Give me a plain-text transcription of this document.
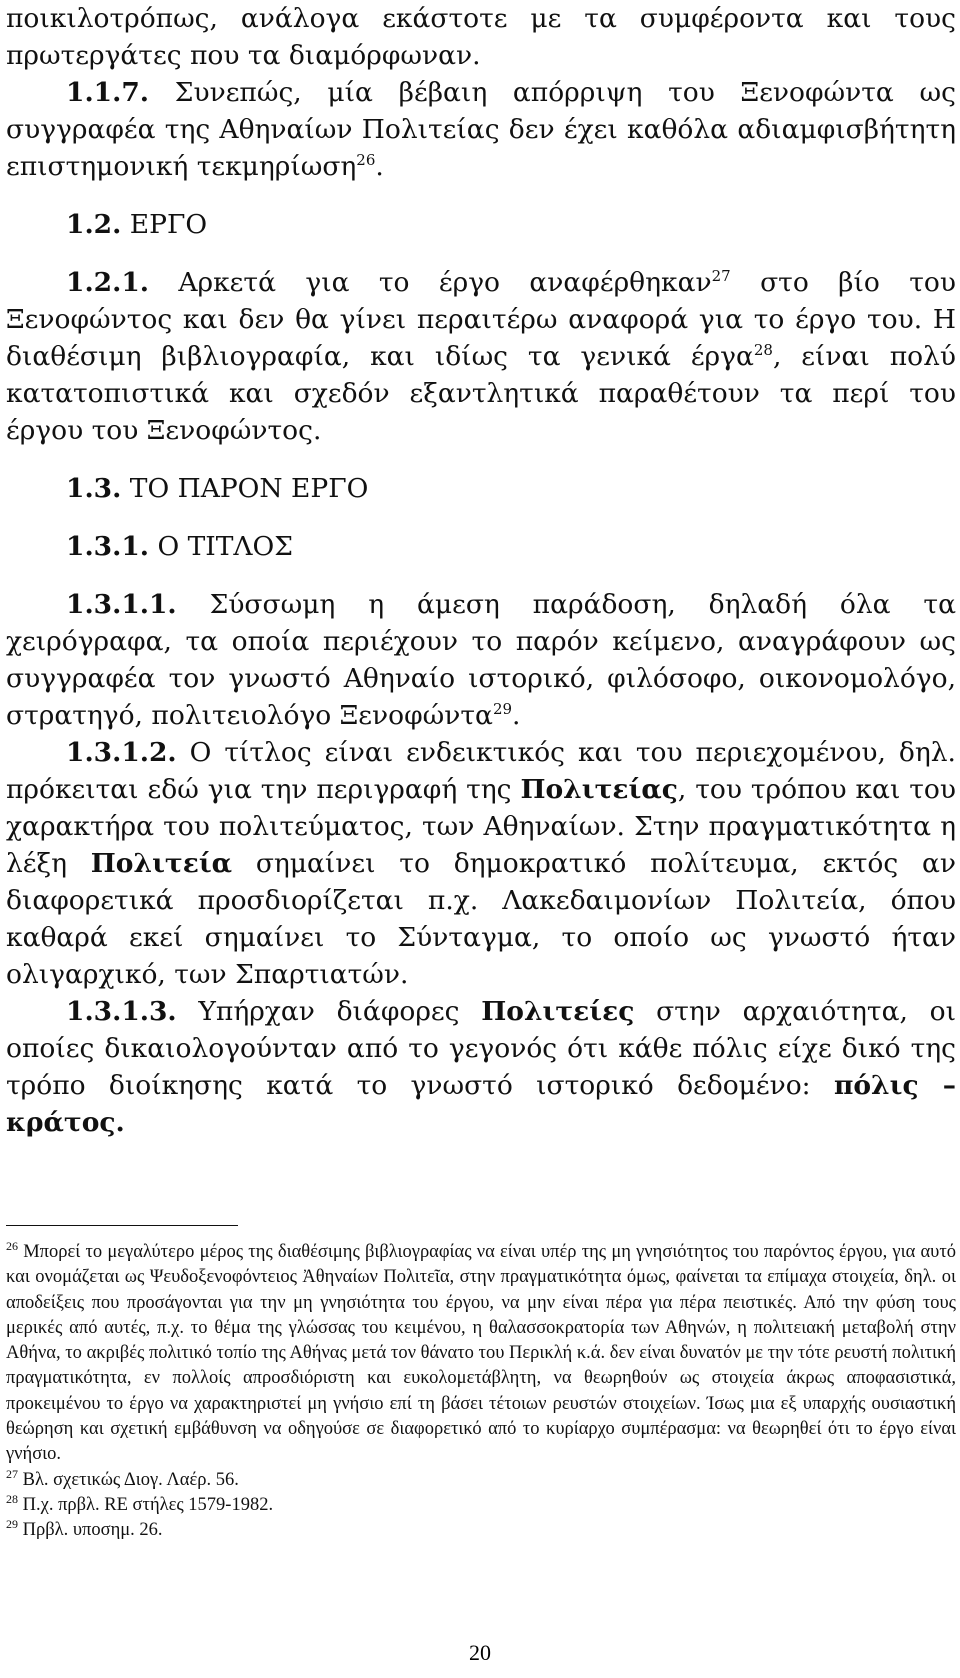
ποικιλοτρόπως, ανάλογα εκάστοτε με τα συμφέροντα και τους πρωτεργάτες που τα διαμόρφωναν.

1.1.7. Συνεπώς, μία βέβαιη απόρριψη του Ξενοφώντα ως συγγραφέα της Αθηναίων Πολιτείας δεν έχει καθόλα αδιαμφισβήτητη επιστημονική τεκμηρίωση$^{26}$.

1.2. ΕΡΓΟ

1.2.1. Αρκετά για το έργο αναφέρθηκαν$^{27}$ στο βίο του Ξενοφώντος και δεν θα γίνει περαιτέρω αναφορά για το έργο του. Η διαθέσιμη βιβλιογραφία, και ιδίως τα γενικά έργα$^{28}$, είναι πολύ κατατοπιστικά και σχεδόν εξαντλητικά παραθέτουν τα περί του έργου του Ξενοφώντος.

1.3. ΤΟ ΠΑΡΟΝ ΕΡΓΟ

1.3.1. Ο ΤΙΤΛΟΣ

1.3.1.1. Σύσσωμη η άμεση παράδοση, δηλαδή όλα τα χειρόγραφα, τα οποία περιέχουν το παρόν κείμενο, αναγράφουν ως συγγραφέα τον γνωστό Αθηναίο ιστορικό, φιλόσοφο, οικονομολόγο, στρατηγό, πολιτειολόγο Ξενοφώντα$^{29}$.

1.3.1.2. Ο τίτλος είναι ενδεικτικός και του περιεχομένου, δηλ. πρόκειται εδώ για την περιγραφή της Πολιτείας, του τρόπου και του χαρακτήρα του πολιτεύματος, των Αθηναίων. Στην πραγματικότητα η λέξη Πολιτεία σημαίνει το δημοκρατικό πολίτευμα, εκτός αν διαφορετικά προσδιορίζεται π.χ. Λακεδαιμονίων Πολιτεία, όπου καθαρά εκεί σημαίνει το Σύνταγμα, το οποίο ως γνωστό ήταν ολιγαρχικό, των Σπαρτιατών.

1.3.1.3. Υπήρχαν διάφορες Πολιτείες στην αρχαιότητα, οι οποίες δικαιολογούνταν από το γεγονός ότι κάθε πόλις είχε δικό της τρόπο διοίκησης κατά το γνωστό ιστορικό δεδομένο: πόλις – κράτος.

$^{26}$ Μπορεί το μεγαλύτερο μέρος της διαθέσιμης βιβλιογραφίας να είναι υπέρ της μη γνησιότητος του παρόντος έργου, για αυτό και ονομάζεται ως Ψευδοξενοφόντειος Ἀθηναίων Πολιτεῖα, στην πραγματικότητα όμως, φαίνεται τα επίμαχα στοιχεία, δηλ. οι αποδείξεις που προσάγονται για την μη γνησιότητα του έργου, να μην είναι πέρα για πέρα πειστικές. Από την φύση τους μερικές από αυτές, π.χ. το θέμα της γλώσσας του κειμένου, η θαλασσοκρατορία των Αθηνών, η πολιτειακή μεταβολή στην Αθήνα, το ακριβές πολιτικό τοπίο της Αθήνας μετά τον θάνατο του Περικλή κ.ά. δεν είναι δυνατόν με την τότε ρευστή πολιτική πραγματικότητα, εν πολλοίς απροσδιόριστη και ευκολομετάβλητη, να θεωρηθούν ως στοιχεία άκρως αποφασιστικά, προκειμένου το έργο να χαρακτηριστεί μη γνήσιο επί τη βάσει τέτοιων ρευστών στοιχείων. Ίσως μια εξ υπαρχής ουσιαστική θεώρηση και σχετική εμβάθυνση να οδηγούσε σε διαφορετικό από το κυρίαρχο συμπέρασμα: να θεωρηθεί ότι το έργο είναι γνήσιο.

$^{27}$ Βλ. σχετικώς Διογ. Λαέρ. 56.

$^{28}$ Π.χ. πρβλ. RE στήλες 1579-1982.

$^{29}$ Πρβλ. υποσημ. 26.

20
